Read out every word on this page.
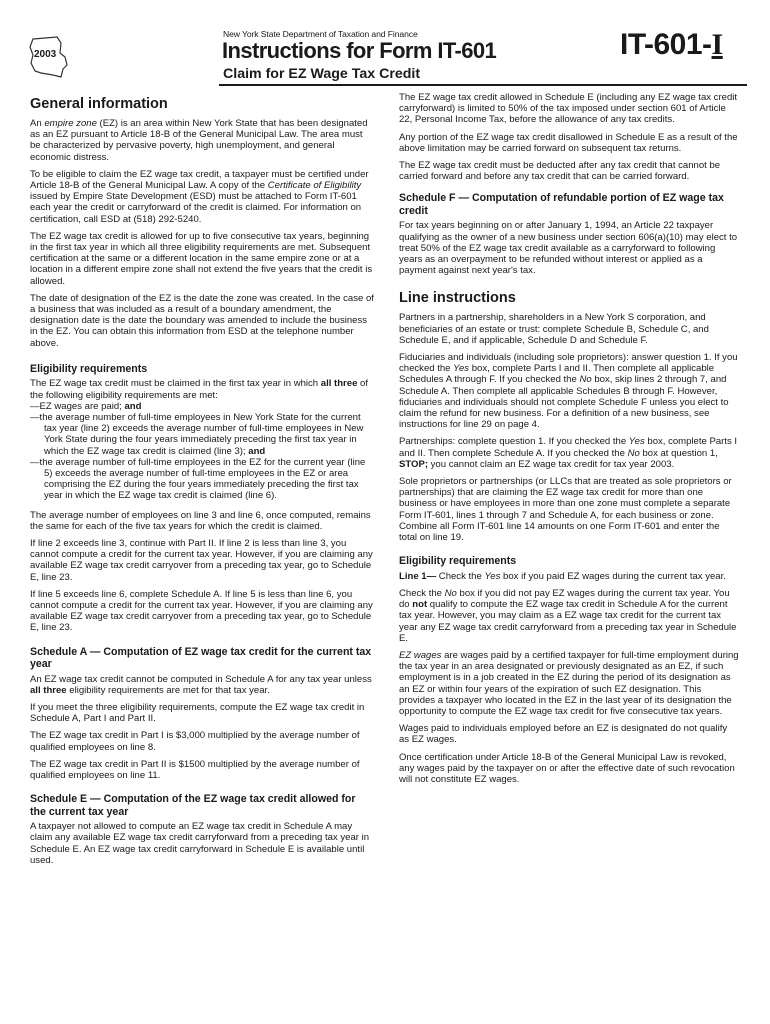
2003
New York State Department of Taxation and Finance
Instructions for Form IT-601
Claim for EZ Wage Tax Credit
IT-601-I
General information

An empire zone (EZ) is an area within New York State that has been designated as an EZ pursuant to Article 18-B of the General Municipal Law. The area must be characterized by pervasive poverty, high unemployment, and general economic distress.

To be eligible to claim the EZ wage tax credit, a taxpayer must be certified under Article 18-B of the General Municipal Law. A copy of the Certificate of Eligibility issued by Empire State Development (ESD) must be attached to Form IT-601 each year the credit or carryforward of the credit is claimed. For information on certification, call ESD at (518) 292-5240.

The EZ wage tax credit is allowed for up to five consecutive tax years, beginning in the first tax year in which all three eligibility requirements are met. Subsequent certification at the same or a different location in the same empire zone or at a location in a different empire zone shall not extend the five years that the credit is allowed.

The date of designation of the EZ is the date the zone was created. In the case of a business that was included as a result of a boundary amendment, the designation date is the date the boundary was amended to include the business in the EZ. You can obtain this information from ESD at the telephone number above.

Eligibility requirements

The EZ wage tax credit must be claimed in the first tax year in which all three of the following eligibility requirements are met:

— EZ wages are paid; and
— the average number of full-time employees in New York State for the current tax year (line 2) exceeds the average number of full-time employees in New York State during the four years immediately preceding the first tax year in which the EZ wage tax credit is claimed (line 3); and
— the average number of full-time employees in the EZ for the current year (line 5) exceeds the average number of full-time employees in the EZ or area comprising the EZ during the four years immediately preceding the first tax year in which the EZ wage tax credit is claimed (line 6).

The average number of employees on line 3 and line 6, once computed, remains the same for each of the five tax years for which the credit is claimed.

If line 2 exceeds line 3, continue with Part II. If line 2 is less than line 3, you cannot compute a credit for the current tax year. However, if you are claiming any available EZ wage tax credit carryover from a preceding tax year, go to Schedule E, line 23.

If line 5 exceeds line 6, complete Schedule A. If line 5 is less than line 6, you cannot compute a credit for the current tax year. However, if you are claiming any available EZ wage tax credit carryover from a preceding tax year, go to Schedule E, line 23.

Schedule A — Computation of EZ wage tax credit for the current tax year

An EZ wage tax credit cannot be computed in Schedule A for any tax year unless all three eligibility requirements are met for that tax year.

If you meet the three eligibility requirements, compute the EZ wage tax credit in Schedule A, Part I and Part II.

The EZ wage tax credit in Part I is $3,000 multiplied by the average number of qualified employees on line 8.

The EZ wage tax credit in Part II is $1500 multiplied by the average number of qualified employees on line 11.

Schedule E — Computation of the EZ wage tax credit allowed for the current tax year

A taxpayer not allowed to compute an EZ wage tax credit in Schedule A may claim any available EZ wage tax credit carryforward from a preceding tax year in Schedule E. An EZ wage tax credit carryforward in Schedule E is available until used.

The EZ wage tax credit allowed in Schedule E (including any EZ wage tax credit carryforward) is limited to 50% of the tax imposed under section 601 of Article 22, Personal Income Tax, before the allowance of any tax credits.

Any portion of the EZ wage tax credit disallowed in Schedule E as a result of the above limitation may be carried forward on subsequent tax returns.

The EZ wage tax credit must be deducted after any tax credit that cannot be carried forward and before any tax credit that can be carried forward.

Schedule F — Computation of refundable portion of EZ wage tax credit

For tax years beginning on or after January 1, 1994, an Article 22 taxpayer qualifying as the owner of a new business under section 606(a)(10) may elect to treat 50% of the EZ wage tax credit available as a carryforward to following years as an overpayment to be refunded without interest or applied as a payment against next year's tax.

Line instructions

Partners in a partnership, shareholders in a New York S corporation, and beneficiaries of an estate or trust: complete Schedule B, Schedule C, and Schedule E, and if applicable, Schedule D and Schedule F.

Fiduciaries and individuals (including sole proprietors): answer question 1. If you checked the Yes box, complete Parts I and II. Then complete all applicable Schedules A through F. If you checked the No box, skip lines 2 through 7, and Schedule A. Then complete all applicable Schedules B through F. However, fiduciaries and individuals should not complete Schedule F unless you elect to claim the refund for new business. For a definition of a new business, see instructions for line 29 on page 4.

Partnerships: complete question 1. If you checked the Yes box, complete Parts I and II. Then complete Schedule A. If you checked the No box at question 1, STOP; you cannot claim an EZ wage tax credit for tax year 2003.

Sole proprietors or partnerships (or LLCs that are treated as sole proprietors or partnerships) that are claiming the EZ wage tax credit for more than one business or have employees in more than one zone must complete a separate Form IT-601, lines 1 through 7 and Schedule A, for each business or zone. Combine all Form IT-601 line 14 amounts on one Form IT-601 and enter the total on line 19.

Eligibility requirements

Line 1— Check the Yes box if you paid EZ wages during the current tax year.

Check the No box if you did not pay EZ wages during the current tax year. You do not qualify to compute the EZ wage tax credit in Schedule A for the current tax year. However, you may claim as a EZ wage tax credit for the current tax year any EZ wage tax credit carryforward from a preceding tax year in Schedule E.

EZ wages are wages paid by a certified taxpayer for full-time employment during the tax year in an area designated or previously designated as an EZ, if such employment is in a job created in the EZ during the period of its designation as an EZ or within four years of the expiration of such EZ designation. This provides a taxpayer who located in the EZ in the last year of its designation the opportunity to compute the EZ wage tax credit for five consecutive tax years.

Wages paid to individuals employed before an EZ is designated do not qualify as EZ wages.

Once certification under Article 18-B of the General Municipal Law is revoked, any wages paid by the taxpayer on or after the effective date of such revocation will not constitute EZ wages.
